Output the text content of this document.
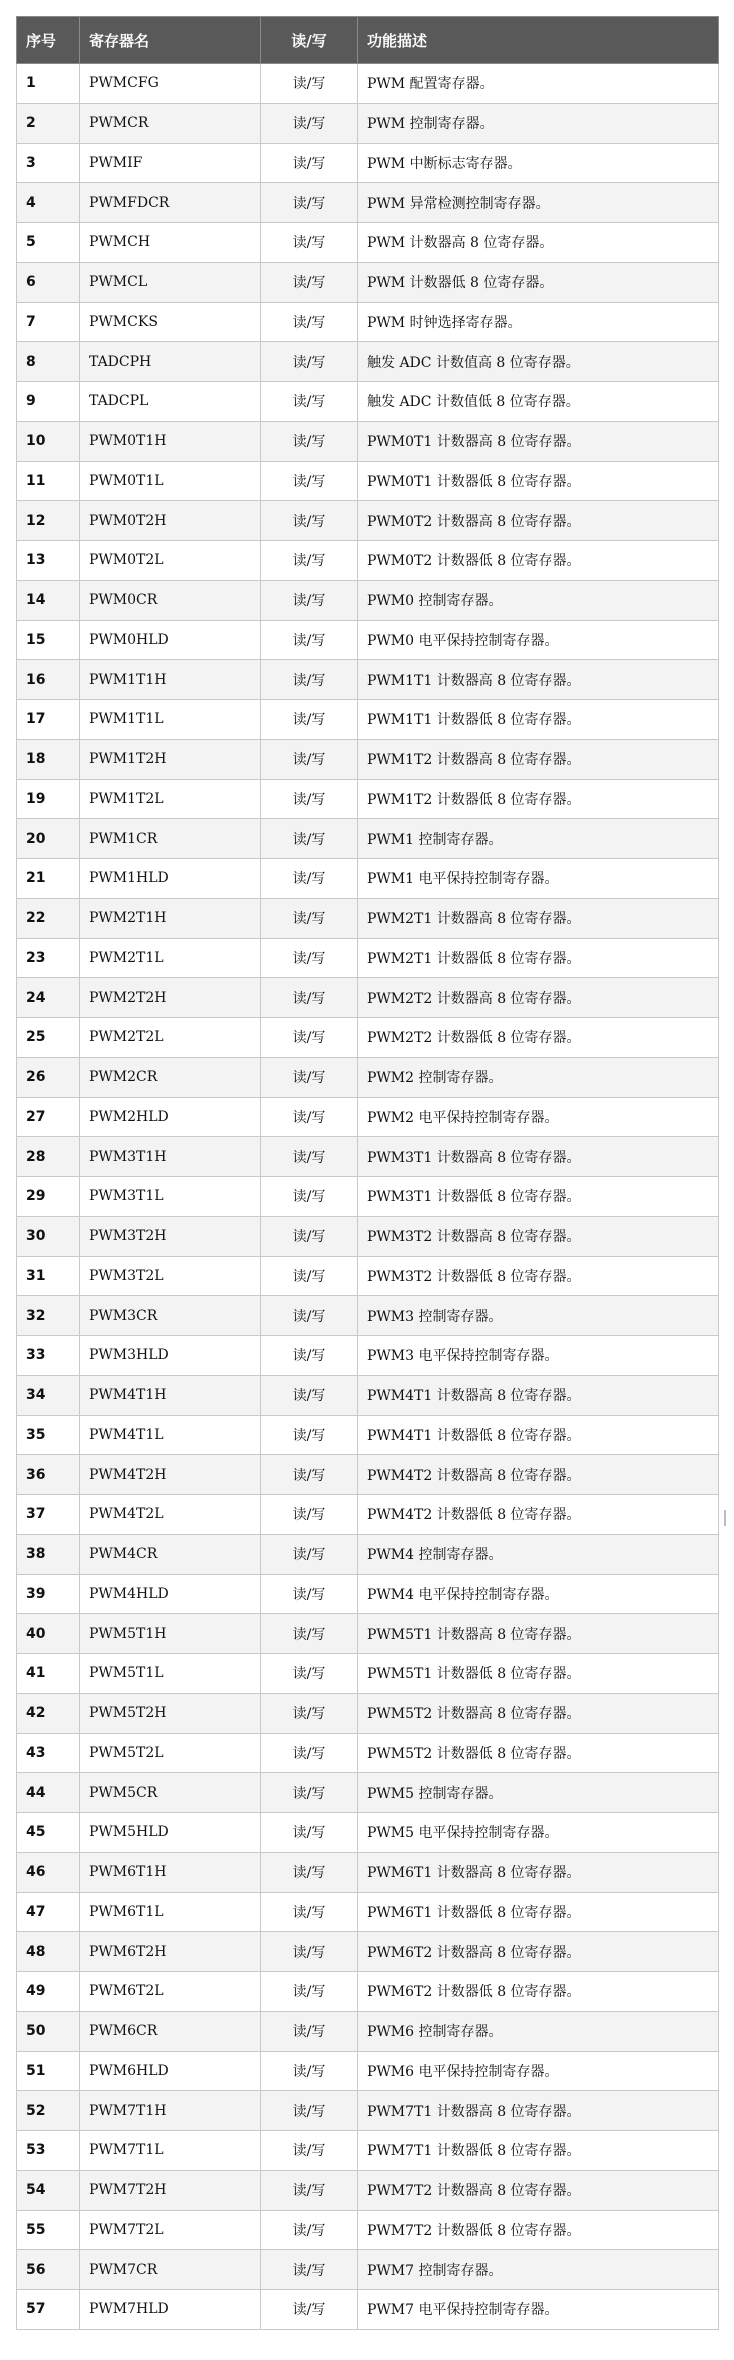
序号	寄存器名	读/写	功能描述
1	PWMCFG	读/写	PWM 配置寄存器。
2	PWMCR	读/写	PWM 控制寄存器。
3	PWMIF	读/写	PWM 中断标志寄存器。
4	PWMFDCR	读/写	PWM 异常检测控制寄存器。
5	PWMCH	读/写	PWM 计数器高 8 位寄存器。
6	PWMCL	读/写	PWM 计数器低 8 位寄存器。
7	PWMCKS	读/写	PWM 时钟选择寄存器。
8	TADCPH	读/写	触发 ADC 计数值高 8 位寄存器。
9	TADCPL	读/写	触发 ADC 计数值低 8 位寄存器。
10	PWM0T1H	读/写	PWM0T1 计数器高 8 位寄存器。
11	PWM0T1L	读/写	PWM0T1 计数器低 8 位寄存器。
12	PWM0T2H	读/写	PWM0T2 计数器高 8 位寄存器。
13	PWM0T2L	读/写	PWM0T2 计数器低 8 位寄存器。
14	PWM0CR	读/写	PWM0 控制寄存器。
15	PWM0HLD	读/写	PWM0 电平保持控制寄存器。
16	PWM1T1H	读/写	PWM1T1 计数器高 8 位寄存器。
17	PWM1T1L	读/写	PWM1T1 计数器低 8 位寄存器。
18	PWM1T2H	读/写	PWM1T2 计数器高 8 位寄存器。
19	PWM1T2L	读/写	PWM1T2 计数器低 8 位寄存器。
20	PWM1CR	读/写	PWM1 控制寄存器。
21	PWM1HLD	读/写	PWM1 电平保持控制寄存器。
22	PWM2T1H	读/写	PWM2T1 计数器高 8 位寄存器。
23	PWM2T1L	读/写	PWM2T1 计数器低 8 位寄存器。
24	PWM2T2H	读/写	PWM2T2 计数器高 8 位寄存器。
25	PWM2T2L	读/写	PWM2T2 计数器低 8 位寄存器。
26	PWM2CR	读/写	PWM2 控制寄存器。
27	PWM2HLD	读/写	PWM2 电平保持控制寄存器。
28	PWM3T1H	读/写	PWM3T1 计数器高 8 位寄存器。
29	PWM3T1L	读/写	PWM3T1 计数器低 8 位寄存器。
30	PWM3T2H	读/写	PWM3T2 计数器高 8 位寄存器。
31	PWM3T2L	读/写	PWM3T2 计数器低 8 位寄存器。
32	PWM3CR	读/写	PWM3 控制寄存器。
33	PWM3HLD	读/写	PWM3 电平保持控制寄存器。
34	PWM4T1H	读/写	PWM4T1 计数器高 8 位寄存器。
35	PWM4T1L	读/写	PWM4T1 计数器低 8 位寄存器。
36	PWM4T2H	读/写	PWM4T2 计数器高 8 位寄存器。
37	PWM4T2L	读/写	PWM4T2 计数器低 8 位寄存器。
38	PWM4CR	读/写	PWM4 控制寄存器。
39	PWM4HLD	读/写	PWM4 电平保持控制寄存器。
40	PWM5T1H	读/写	PWM5T1 计数器高 8 位寄存器。
41	PWM5T1L	读/写	PWM5T1 计数器低 8 位寄存器。
42	PWM5T2H	读/写	PWM5T2 计数器高 8 位寄存器。
43	PWM5T2L	读/写	PWM5T2 计数器低 8 位寄存器。
44	PWM5CR	读/写	PWM5 控制寄存器。
45	PWM5HLD	读/写	PWM5 电平保持控制寄存器。
46	PWM6T1H	读/写	PWM6T1 计数器高 8 位寄存器。
47	PWM6T1L	读/写	PWM6T1 计数器低 8 位寄存器。
48	PWM6T2H	读/写	PWM6T2 计数器高 8 位寄存器。
49	PWM6T2L	读/写	PWM6T2 计数器低 8 位寄存器。
50	PWM6CR	读/写	PWM6 控制寄存器。
51	PWM6HLD	读/写	PWM6 电平保持控制寄存器。
52	PWM7T1H	读/写	PWM7T1 计数器高 8 位寄存器。
53	PWM7T1L	读/写	PWM7T1 计数器低 8 位寄存器。
54	PWM7T2H	读/写	PWM7T2 计数器高 8 位寄存器。
55	PWM7T2L	读/写	PWM7T2 计数器低 8 位寄存器。
56	PWM7CR	读/写	PWM7 控制寄存器。
57	PWM7HLD	读/写	PWM7 电平保持控制寄存器。
